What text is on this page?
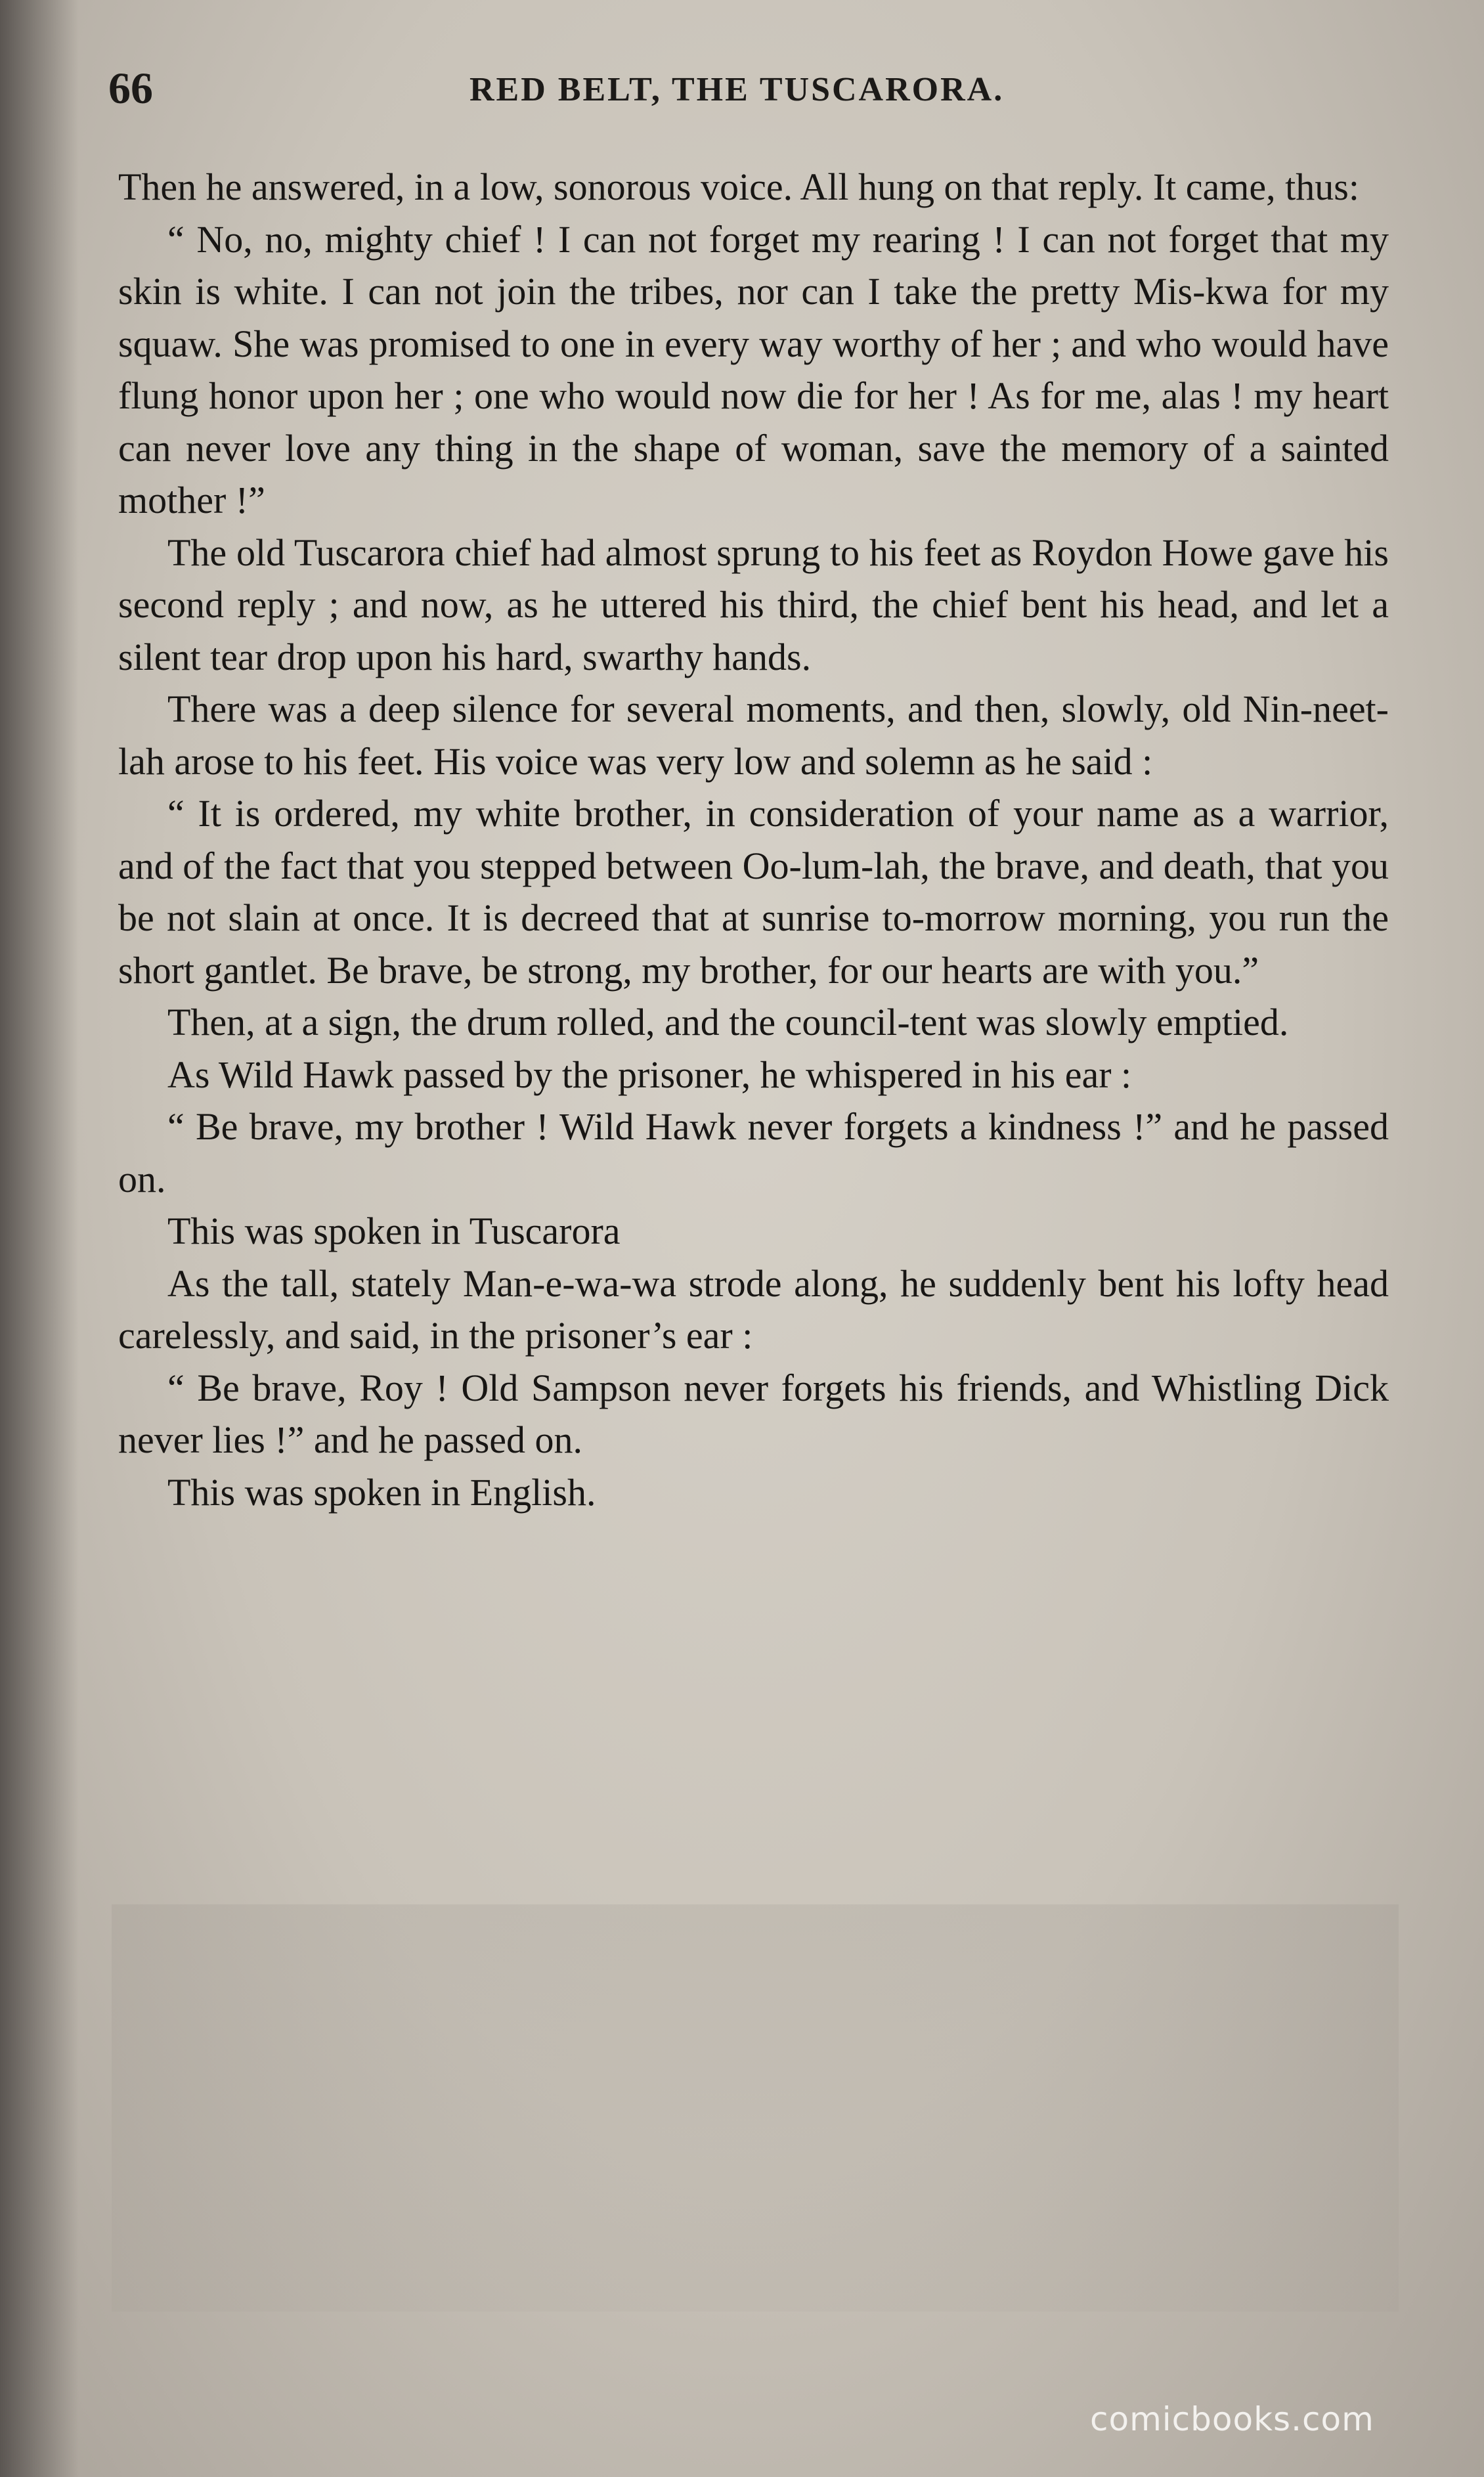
66	RED BELT, THE TUSCARORA.

Then he answered, in a low, sonorous voice. All hung on that reply. It came, thus:

“ No, no, mighty chief ! I can not forget my rearing ! I can not forget that my skin is white. I can not join the tribes, nor can I take the pretty Mis-kwa for my squaw. She was promised to one in every way worthy of her ; and who would have flung honor upon her ; one who would now die for her ! As for me, alas ! my heart can never love any thing in the shape of woman, save the memory of a sainted mother !”

The old Tuscarora chief had almost sprung to his feet as Roydon Howe gave his second reply ; and now, as he uttered his third, the chief bent his head, and let a silent tear drop upon his hard, swarthy hands.

There was a deep silence for several moments, and then, slowly, old Nin-neet-lah arose to his feet. His voice was very low and solemn as he said :

“ It is ordered, my white brother, in consideration of your name as a warrior, and of the fact that you stepped between Oo-lum-lah, the brave, and death, that you be not slain at once. It is decreed that at sunrise to-morrow morning, you run the short gantlet. Be brave, be strong, my brother, for our hearts are with you.”

Then, at a sign, the drum rolled, and the council-tent was slowly emptied.

As Wild Hawk passed by the prisoner, he whispered in his ear :

“ Be brave, my brother ! Wild Hawk never forgets a kindness !” and he passed on.

This was spoken in Tuscarora

As the tall, stately Man-e-wa-wa strode along, he suddenly bent his lofty head carelessly, and said, in the prisoner’s ear :

“ Be brave, Roy ! Old Sampson never forgets his friends, and Whistling Dick never lies !” and he passed on.

This was spoken in English.

comicbooks.com
